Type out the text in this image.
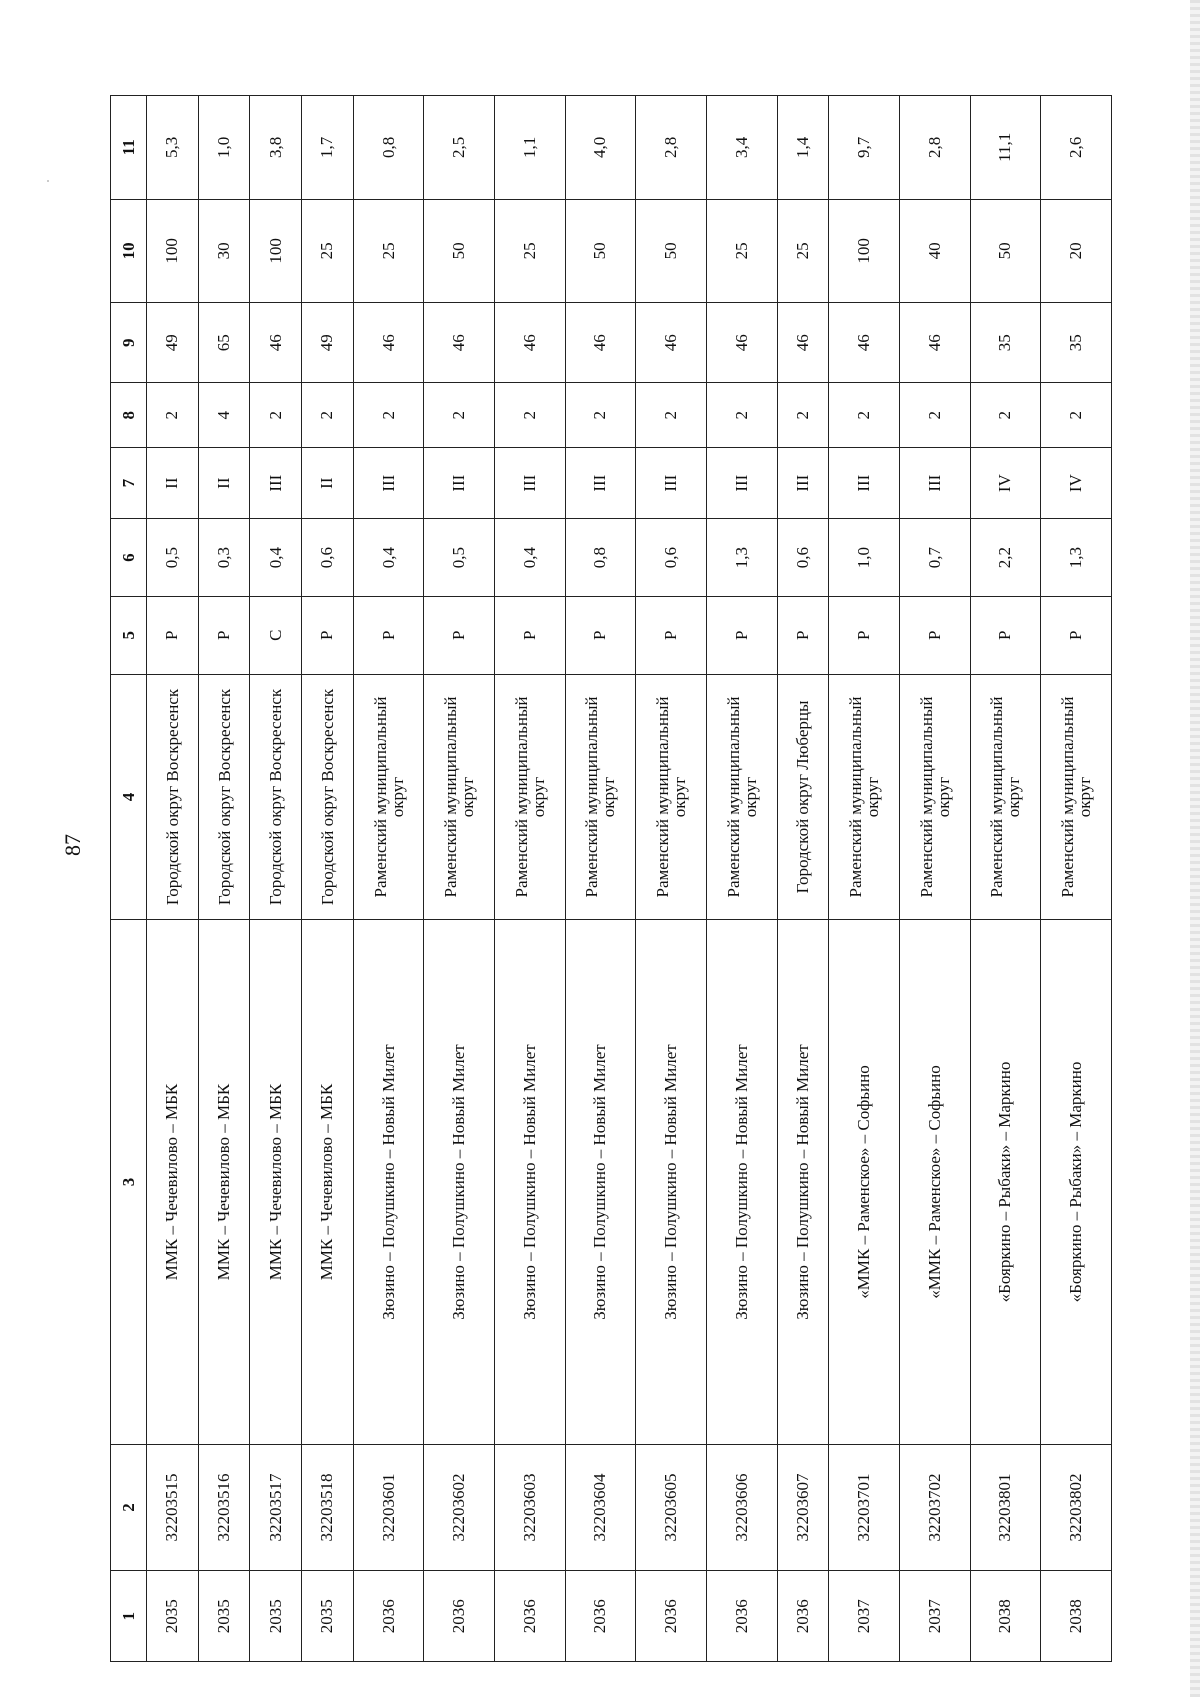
87
1	2	3	4	5	6	7	8	9	10	11
2035	32203515	ММК – Чечевилово – МБК	Городской округ Воскресенск	Р	0,5	II	2	49	100	5,3
2035	32203516	ММК – Чечевилово – МБК	Городской округ Воскресенск	Р	0,3	II	4	65	30	1,0
2035	32203517	ММК – Чечевилово – МБК	Городской округ Воскресенск	С	0,4	III	2	46	100	3,8
2035	32203518	ММК – Чечевилово – МБК	Городской округ Воскресенск	Р	0,6	II	2	49	25	1,7
2036	32203601	Зюзино – Полушкино – Новый Милет	Раменский муниципальный округ	Р	0,4	III	2	46	25	0,8
2036	32203602	Зюзино – Полушкино – Новый Милет	Раменский муниципальный округ	Р	0,5	III	2	46	50	2,5
2036	32203603	Зюзино – Полушкино – Новый Милет	Раменский муниципальный округ	Р	0,4	III	2	46	25	1,1
2036	32203604	Зюзино – Полушкино – Новый Милет	Раменский муниципальный округ	Р	0,8	III	2	46	50	4,0
2036	32203605	Зюзино – Полушкино – Новый Милет	Раменский муниципальный округ	Р	0,6	III	2	46	50	2,8
2036	32203606	Зюзино – Полушкино – Новый Милет	Раменский муниципальный округ	Р	1,3	III	2	46	25	3,4
2036	32203607	Зюзино – Полушкино – Новый Милет	Городской округ Люберцы	Р	0,6	III	2	46	25	1,4
2037	32203701	«ММК – Раменское» – Софьино	Раменский муниципальный округ	Р	1,0	III	2	46	100	9,7
2037	32203702	«ММК – Раменское» – Софьино	Раменский муниципальный округ	Р	0,7	III	2	46	40	2,8
2038	32203801	«Бояркино – Рыбаки» – Маркино	Раменский муниципальный округ	Р	2,2	IV	2	35	50	11,1
2038	32203802	«Бояркино – Рыбаки» – Маркино	Раменский муниципальный округ	Р	1,3	IV	2	35	20	2,6
